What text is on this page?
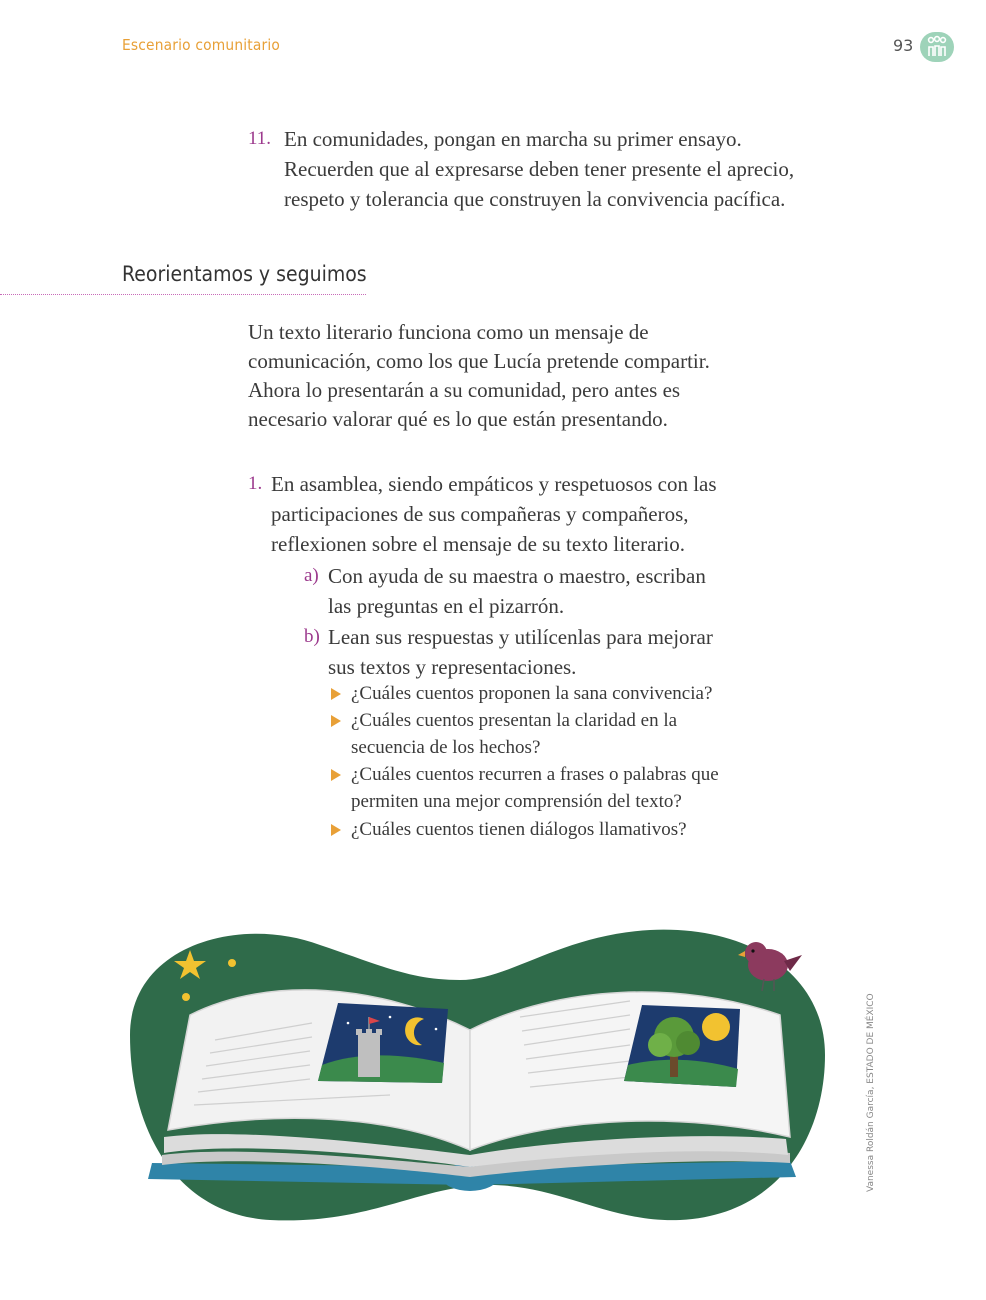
Escenario comunitario	93
11. En comunidades, pongan en marcha su primer ensayo.
Recuerden que al expresarse deben tener presente el aprecio,
respeto y tolerancia que construyen la convivencia pacífica.
Reorientamos y seguimos
Un texto literario funciona como un mensaje de
comunicación, como los que Lucía pretende compartir.
Ahora lo presentarán a su comunidad, pero antes es
necesario valorar qué es lo que están presentando.
1. En asamblea, siendo empáticos y respetuosos con las
participaciones de sus compañeras y compañeros,
reflexionen sobre el mensaje de su texto literario.
a) Con ayuda de su maestra o maestro, escriban
las preguntas en el pizarrón.
b) Lean sus respuestas y utilícenlas para mejorar
sus textos y representaciones.
¿Cuáles cuentos proponen la sana convivencia?
¿Cuáles cuentos presentan la claridad en la
secuencia de los hechos?
¿Cuáles cuentos recurren a frases o palabras que
permiten una mejor comprensión del texto?
¿Cuáles cuentos tienen diálogos llamativos?
Vanessa Roldán García, ESTADO DE MÉXICO
